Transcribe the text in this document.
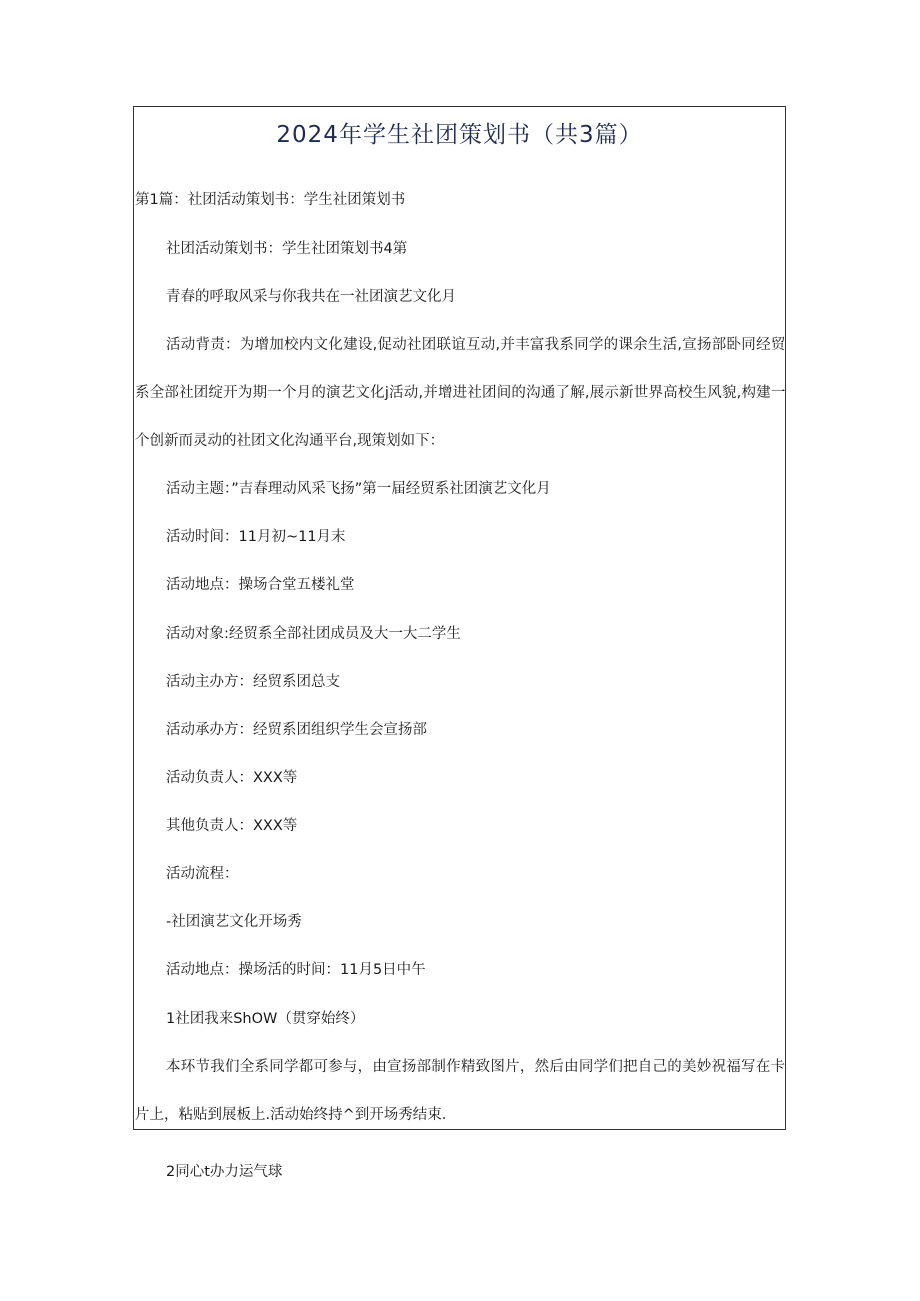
2024年学生社团策划书（共3篇）
第1篇：社团活动策划书：学生社团策划书
社团活动策划书：学生社团策划书4第
青春的呼取风采与你我共在一社团演艺文化月
活动背责：为增加校内文化建设,促动社团联谊互动,并丰富我系同学的课余生活,宣扬部卧同经贸
系全部社团绽开为期一个月的演艺文化j活动,并增进社团间的沟通了解,展示新世界高校生风貌,构建一
个创新而灵动的社团文化沟通平台,现策划如下：
活动主题：”吉春理动风采飞扬”第一届经贸系社团演艺文化月
活动时间：11月初~11月末
活动地点：操场合堂五楼礼堂
活动对象:经贸系全部社团成员及大一大二学生
活动主办方：经贸系团总支
活动承办方：经贸系团组织学生会宣扬部
活动负责人：XXX等
其他负责人：XXX等
活动流程：
-社团演艺文化开场秀
活动地点：操场活的时间：11月5日中午
1社团我来ShOW（贯穿始终）
本环节我们全系同学都可参与，由宣扬部制作精致图片，然后由同学们把自己的美妙祝福写在卡
片上，粘贴到展板上.活动始终持^到开场秀结束.
2同心t办力运气球
